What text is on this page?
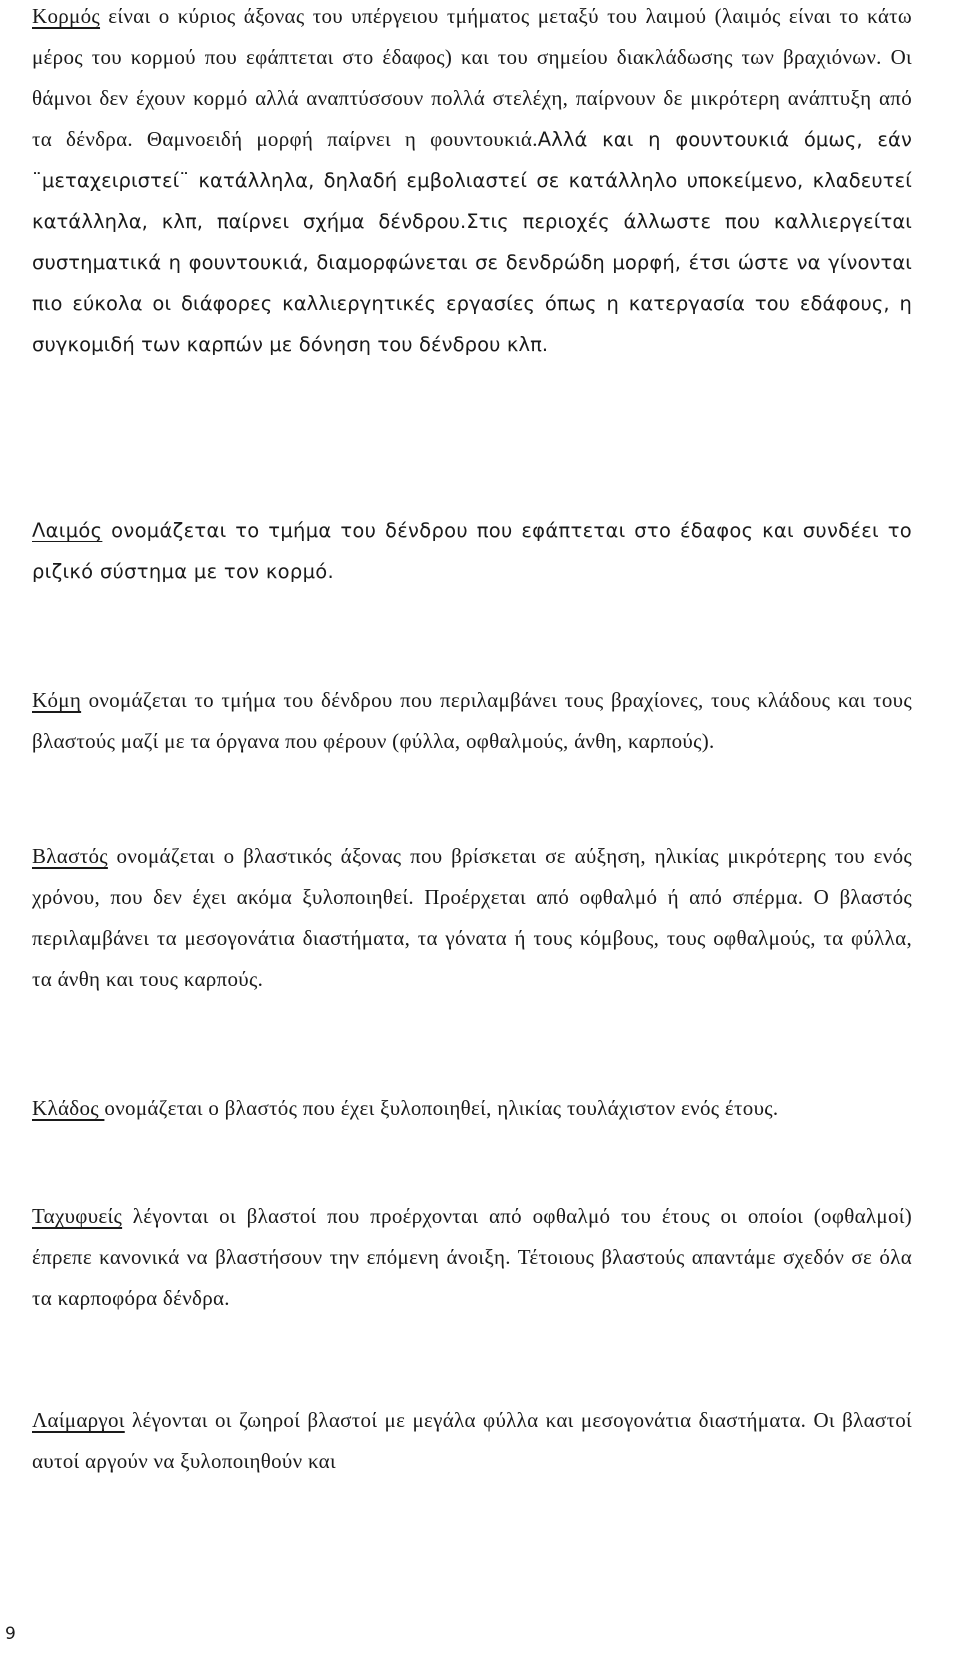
Κορμός είναι ο κύριος άξονας του υπέργειου τμήματος μεταξύ του λαιμού (λαιμός είναι το κάτω μέρος του κορμού που εφάπτεται στο έδαφος) και του σημείου διακλάδωσης των βραχιόνων. Οι θάμνοι δεν έχουν κορμό αλλά αναπτύσσουν πολλά στελέχη, παίρνουν δε μικρότερη ανάπτυξη από τα δένδρα. Θαμνοειδή μορφή παίρνει η φουντουκιά.Αλλά και η φουντουκιά όμως, εάν ¨μεταχειριστεί¨ κατάλληλα, δηλαδή εμβολιαστεί σε κατάλληλο υποκείμενο, κλαδευτεί κατάλληλα, κλπ, παίρνει σχήμα δένδρου.Στις περιοχές άλλωστε που καλλιεργείται συστηματικά η φουντουκιά, διαμορφώνεται σε δενδρώδη μορφή, έτσι ώστε να γίνονται πιο εύκολα οι διάφορες καλλιεργητικές εργασίες όπως η κατεργασία του εδάφους, η συγκομιδή των καρπών με δόνηση του δένδρου κλπ.

Λαιμός ονομάζεται το τμήμα του δένδρου που εφάπτεται στο έδαφος και συνδέει το ριζικό σύστημα με τον κορμό.

Κόμη ονομάζεται το τμήμα του δένδρου που περιλαμβάνει τους βραχίονες, τους κλάδους και τους βλαστούς μαζί με τα όργανα που φέρουν (φύλλα, οφθαλμούς, άνθη, καρπούς).

Βλαστός ονομάζεται ο βλαστικός άξονας που βρίσκεται σε αύξηση, ηλικίας μικρότερης του ενός χρόνου, που δεν έχει ακόμα ξυλοποιηθεί. Προέρχεται από οφθαλμό ή από σπέρμα. Ο βλαστός περιλαμβάνει τα μεσογονάτια διαστήματα, τα γόνατα ή τους κόμβους, τους οφθαλμούς, τα φύλλα, τα άνθη και τους καρπούς.

Κλάδος ονομάζεται ο βλαστός που έχει ξυλοποιηθεί, ηλικίας τουλάχιστον ενός έτους.

Ταχυφυείς λέγονται οι βλαστοί που προέρχονται από οφθαλμό του έτους οι οποίοι (οφθαλμοί) έπρεπε κανονικά να βλαστήσουν την επόμενη άνοιξη. Τέτοιους βλαστούς απαντάμε σχεδόν σε όλα τα καρποφόρα δένδρα.

Λαίμαργοι λέγονται οι ζωηροί βλαστοί με μεγάλα φύλλα και μεσογονάτια διαστήματα. Οι βλαστοί αυτοί αργούν να ξυλοποιηθούν και

9
